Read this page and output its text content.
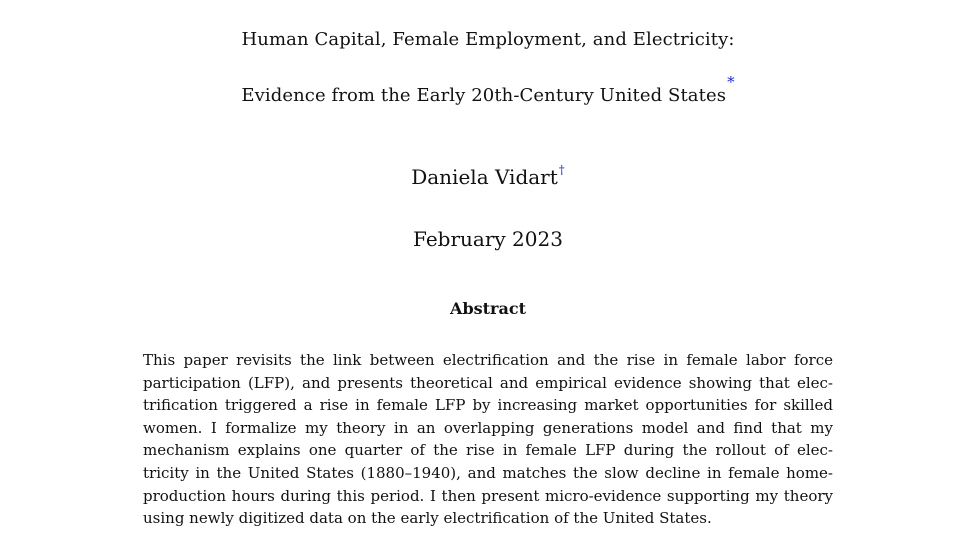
Human Capital, Female Employment, and Electricity:
Evidence from the Early 20th-Century United States*
Daniela Vidart†
February 2023
Abstract
This paper revisits the link between electrification and the rise in female labor force
participation (LFP), and presents theoretical and empirical evidence showing that elec-
trification triggered a rise in female LFP by increasing market opportunities for skilled
women. I formalize my theory in an overlapping generations model and find that my
mechanism explains one quarter of the rise in female LFP during the rollout of elec-
tricity in the United States (1880–1940), and matches the slow decline in female home-
production hours during this period. I then present micro-evidence supporting my theory
using newly digitized data on the early electrification of the United States.
